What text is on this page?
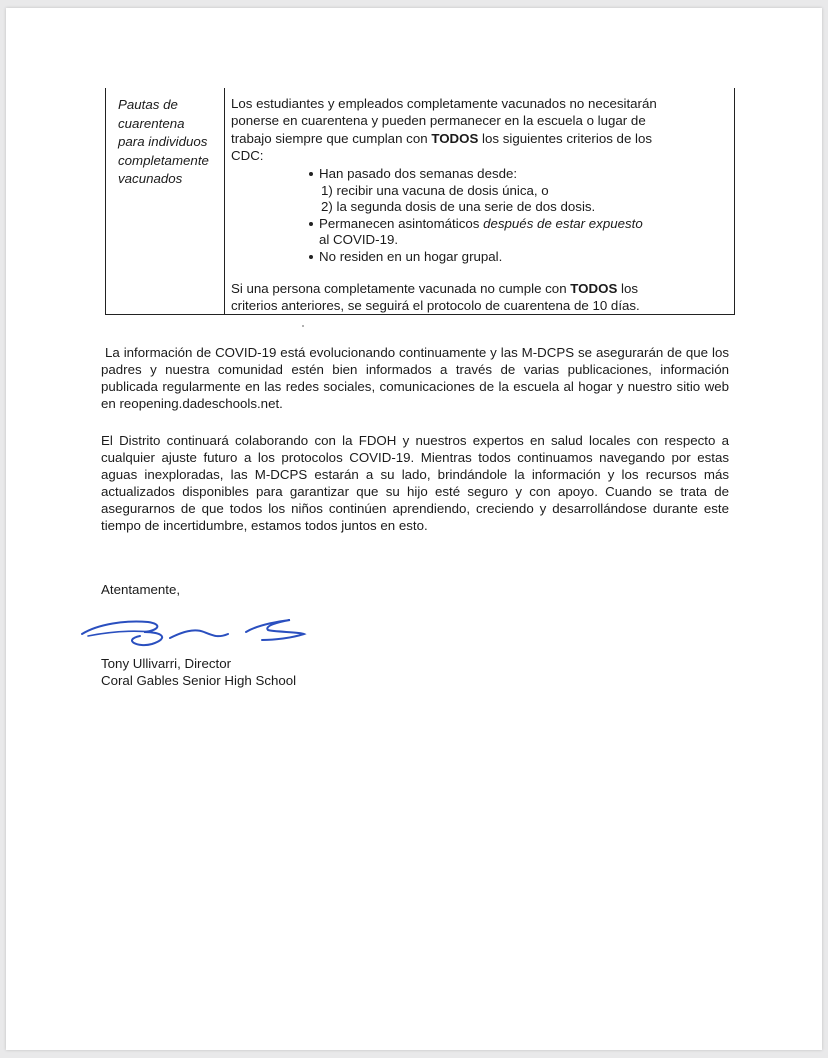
Pautas de
cuarentena
para individuos
completamente
vacunados
Los estudiantes y empleados completamente vacunados no necesitarán
ponerse en cuarentena y pueden permanecer en la escuela o lugar de
trabajo siempre que cumplan con TODOS los siguientes criterios de los
CDC:
Han pasado dos semanas desde:
1) recibir una vacuna de dosis única, o
2) la segunda dosis de una serie de dos dosis.
Permanecen asintomáticos después de estar expuesto
al COVID-19.
No residen en un hogar grupal.
Si una persona completamente vacunada no cumple con TODOS los
criterios anteriores, se seguirá el protocolo de cuarentena de 10 días.

La información de COVID-19 está evolucionando continuamente y las M-DCPS se asegurarán de que los padres y nuestra comunidad estén bien informados a través de varias publicaciones, información publicada regularmente en las redes sociales, comunicaciones de la escuela al hogar y nuestro sitio web en reopening.dadeschools.net.

El Distrito continuará colaborando con la FDOH y nuestros expertos en salud locales con respecto a cualquier ajuste futuro a los protocolos COVID-19. Mientras todos continuamos navegando por estas aguas inexploradas, las M-DCPS estarán a su lado, brindándole la información y los recursos más actualizados disponibles para garantizar que su hijo esté seguro y con apoyo. Cuando se trata de asegurarnos de que todos los niños continúen aprendiendo, creciendo y desarrollándose durante este tiempo de incertidumbre, estamos todos juntos en esto.

Atentamente,
Tony Ullivarri, Director
Coral Gables Senior High School
